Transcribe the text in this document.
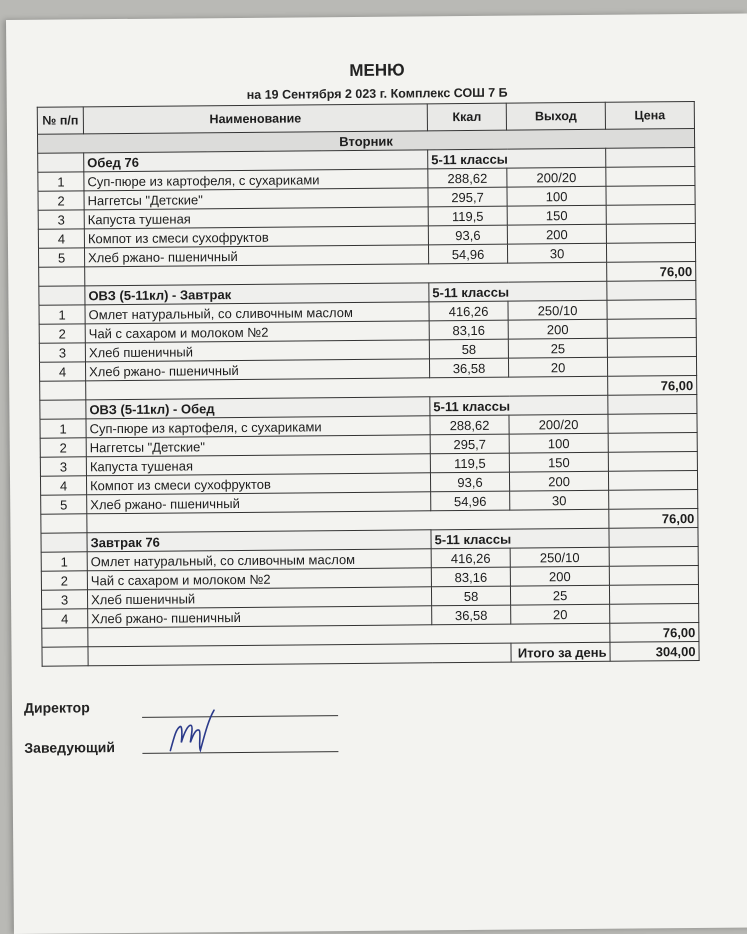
МЕНЮ
на 19 Сентября 2 023 г. Комплекс СОШ 7 Б
№ п/п	Наименование	Ккал	Выход	Цена
Вторник				
	Обед 76	5-11 классы		
1	Суп-пюре из картофеля, с сухариками	288,62	200/20	
2	Наггетсы "Детские"	295,7	100	
3	Капуста тушеная	119,5	150	
4	Компот из смеси сухофруктов	93,6	200	
5	Хлеб ржано- пшеничный	54,96	30	
				76,00
	ОВЗ (5-11кл) - Завтрак	5-11 классы		
1	Омлет натуральный, со сливочным маслом	416,26	250/10	
2	Чай с сахаром и молоком №2	83,16	200	
3	Хлеб пшеничный	58	25	
4	Хлеб ржано- пшеничный	36,58	20	
				76,00
	ОВЗ (5-11кл) - Обед	5-11 классы		
1	Суп-пюре из картофеля, с сухариками	288,62	200/20	
2	Наггетсы "Детские"	295,7	100	
3	Капуста тушеная	119,5	150	
4	Компот из смеси сухофруктов	93,6	200	
5	Хлеб ржано- пшеничный	54,96	30	
				76,00
	Завтрак 76	5-11 классы		
1	Омлет натуральный, со сливочным маслом	416,26	250/10	
2	Чай с сахаром и молоком №2	83,16	200	
3	Хлеб пшеничный	58	25	
4	Хлеб ржано- пшеничный	36,58	20	
				76,00
			Итого за день	304,00
Директор
Заведующий
